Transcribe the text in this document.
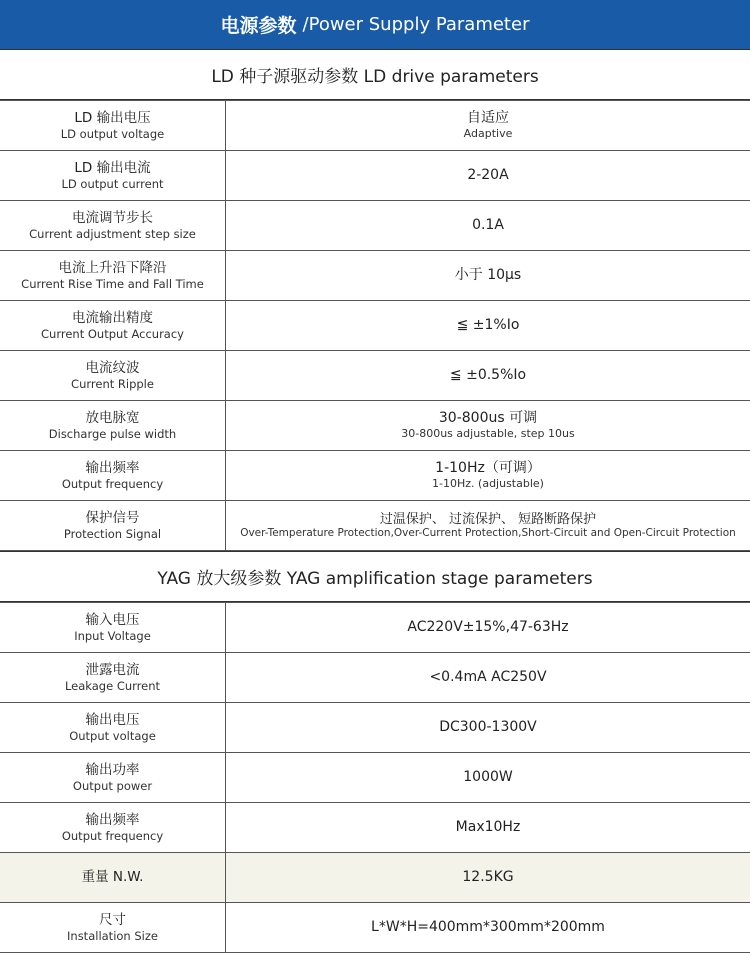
电源参数 /Power Supply Parameter
LD 种子源驱动参数 LD drive parameters
LD 输出电压
LD output voltage	自适应
Adaptive

LD 输出电流
LD output current	2-20A

电流调节步长
Current adjustment step size	0.1A

电流上升沿下降沿
Current Rise Time and Fall Time	小于 10μs

电流输出精度
Current Output Accuracy	≦ ±1%Io

电流纹波
Current Ripple	≦ ±0.5%Io

放电脉宽
Discharge pulse width	30-800us 可调
30-800us adjustable, step 10us

输出频率
Output frequency	1-10Hz（可调）
1-10Hz. (adjustable)

保护信号
Protection Signal	过温保护、 过流保护、 短路断路保护
Over-Temperature Protection,Over-Current Protection,Short-Circuit and Open-Circuit Protection
YAG 放大级参数 YAG amplification stage parameters
输入电压
Input Voltage	AC220V±15%,47-63Hz

泄露电流
Leakage Current	<0.4mA AC250V

输出电压
Output voltage	DC300-1300V

输出功率
Output power	1000W

输出频率
Output frequency	Max10Hz

重量 N.W.	12.5KG

尺寸
Installation Size	L*W*H=400mm*300mm*200mm
